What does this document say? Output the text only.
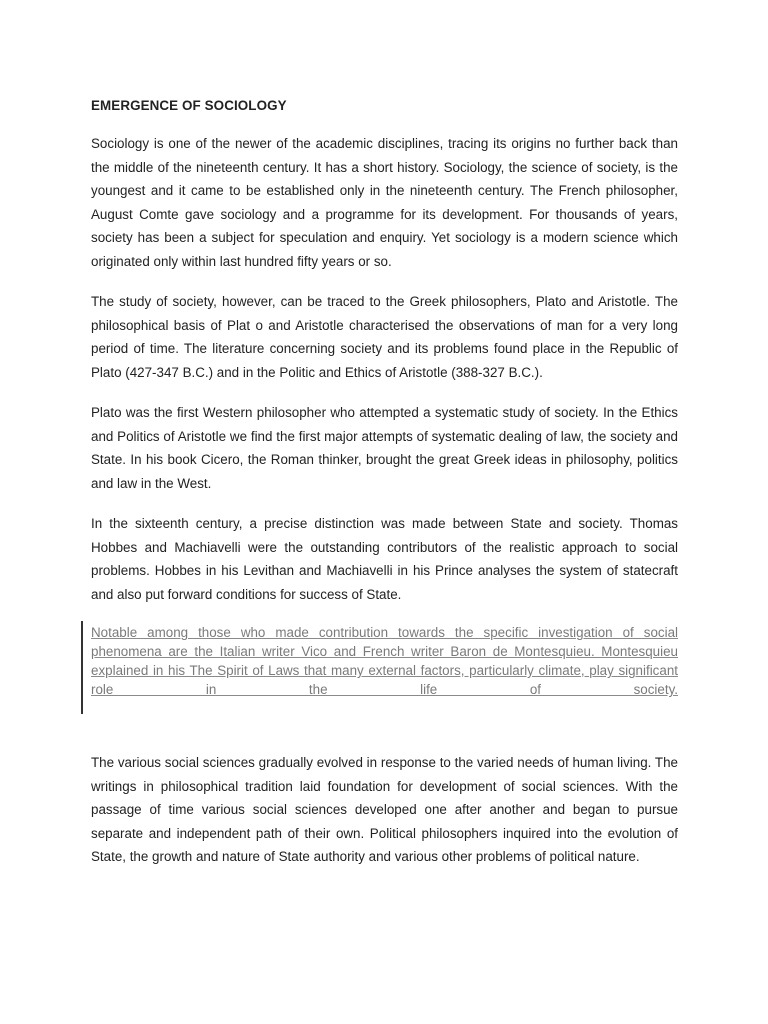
EMERGENCE OF SOCIOLOGY

Sociology is one of the newer of the academic disciplines, tracing its origins no further back than the middle of the nineteenth century. It has a short history. Sociology, the science of society, is the youngest and it came to be established only in the nineteenth century. The French philosopher, August Comte gave sociology and a programme for its development. For thousands of years, society has been a subject for speculation and enquiry. Yet sociology is a modern science which originated only within last hundred fifty years or so.

The study of society, however, can be traced to the Greek philosophers, Plato and Aristotle. The philosophical basis of Plat o and Aristotle characterised the observations of man for a very long period of time. The literature concerning society and its problems found place in the Republic of Plato (427-347 B.C.) and in the Politic and Ethics of Aristotle (388-327 B.C.).

Plato was the first Western philosopher who attempted a systematic study of society. In the Ethics and Politics of Aristotle we find the first major attempts of systematic dealing of law, the society and State. In his book Cicero, the Roman thinker, brought the great Greek ideas in philosophy, politics and law in the West.

In the sixteenth century, a precise distinction was made between State and society. Thomas Hobbes and Machiavelli were the outstanding contributors of the realistic approach to social problems. Hobbes in his Levithan and Machiavelli in his Prince analyses the system of statecraft and also put forward conditions for success of State.

Notable among those who made contribution towards the specific investigation of social phenomena are the Italian writer Vico and French writer Baron de Montesquieu. Montesquieu explained in his The Spirit of Laws that many external factors, particularly climate, play significant role in the life of society.

The various social sciences gradually evolved in response to the varied needs of human living. The writings in philosophical tradition laid foundation for development of social sciences. With the passage of time various social sciences developed one after another and began to pursue separate and independent path of their own. Political philosophers inquired into the evolution of State, the growth and nature of State authority and various other problems of political nature.
